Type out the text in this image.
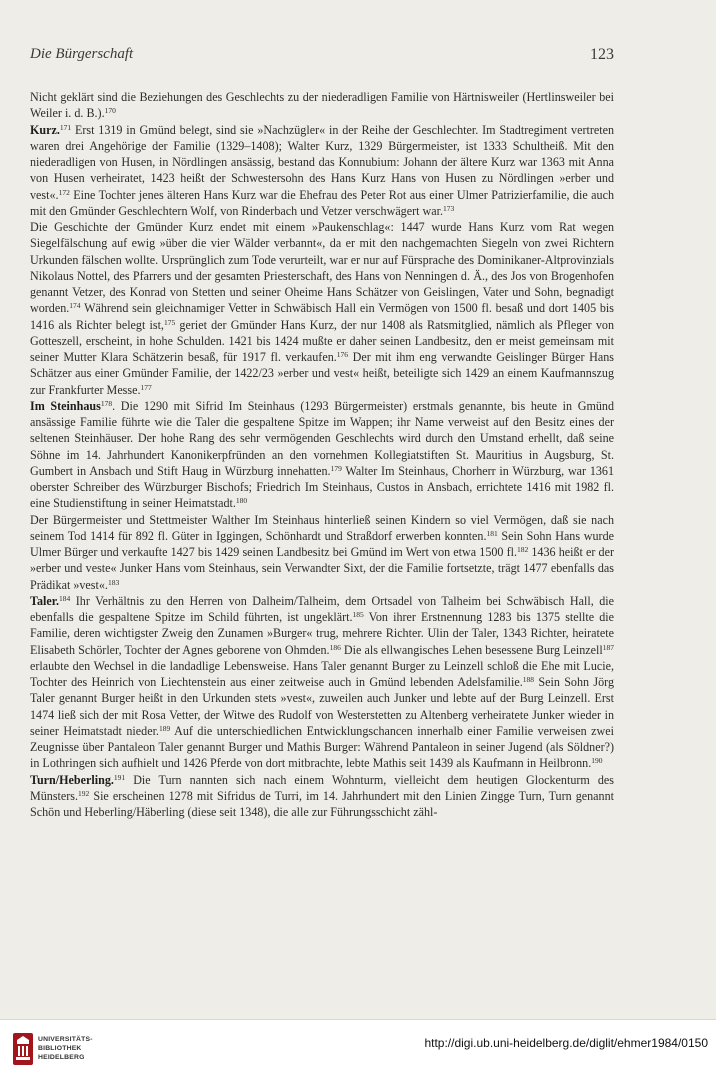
Die Bürgerschaft	123

Nicht geklärt sind die Beziehungen des Geschlechts zu der niederadligen Familie von Härtnisweiler (Hertlinsweiler bei Weiler i. d. B.).$^{170}$

Kurz.$^{171}$ Erst 1319 in Gmünd belegt, sind sie »Nachzügler« in der Reihe der Geschlechter. Im Stadtregiment vertreten waren drei Angehörige der Familie (1329–1408); Walter Kurz, 1329 Bürgermeister, ist 1333 Schultheiß. Mit den niederadligen von Husen, in Nördlingen ansässig, bestand das Konnubium: Johann der ältere Kurz war 1363 mit Anna von Husen verheiratet, 1423 heißt der Schwestersohn des Hans Kurz Hans von Husen zu Nördlingen »erber und vest«.$^{172}$ Eine Tochter jenes älteren Hans Kurz war die Ehefrau des Peter Rot aus einer Ulmer Patrizierfamilie, die auch mit den Gmünder Geschlechtern Wolf, von Rinderbach und Vetzer verschwägert war.$^{173}$

Die Geschichte der Gmünder Kurz endet mit einem »Paukenschlag«: 1447 wurde Hans Kurz vom Rat wegen Siegelfälschung auf ewig »über die vier Wälder verbannt«, da er mit den nachgemachten Siegeln von zwei Richtern Urkunden fälschen wollte. Ursprünglich zum Tode verurteilt, war er nur auf Fürsprache des Dominikaner-Altprovinzials Nikolaus Nottel, des Pfarrers und der gesamten Priesterschaft, des Hans von Nenningen d. Ä., des Jos von Brogenhofen genannt Vetzer, des Konrad von Stetten und seiner Oheime Hans Schätzer von Geislingen, Vater und Sohn, begnadigt worden.$^{174}$ Während sein gleichnamiger Vetter in Schwäbisch Hall ein Vermögen von 1500 fl. besaß und dort 1405 bis 1416 als Richter belegt ist,$^{175}$ geriet der Gmünder Hans Kurz, der nur 1408 als Ratsmitglied, nämlich als Pfleger von Gotteszell, erscheint, in hohe Schulden. 1421 bis 1424 mußte er daher seinen Landbesitz, den er meist gemeinsam mit seiner Mutter Klara Schätzerin besaß, für 1917 fl. verkaufen.$^{176}$ Der mit ihm eng verwandte Geislinger Bürger Hans Schätzer aus einer Gmünder Familie, der 1422/23 »erber und vest« heißt, beteiligte sich 1429 an einem Kaufmannszug zur Frankfurter Messe.$^{177}$

Im Steinhaus$^{178}$. Die 1290 mit Sifrid Im Steinhaus (1293 Bürgermeister) erstmals genannte, bis heute in Gmünd ansässige Familie führte wie die Taler die gespaltene Spitze im Wappen; ihr Name verweist auf den Besitz eines der seltenen Steinhäuser. Der hohe Rang des sehr vermögenden Geschlechts wird durch den Umstand erhellt, daß seine Söhne im 14. Jahrhundert Kanonikerpfründen an den vornehmen Kollegiatstiften St. Mauritius in Augsburg, St. Gumbert in Ansbach und Stift Haug in Würzburg innehatten.$^{179}$ Walter Im Steinhaus, Chorherr in Würzburg, war 1361 oberster Schreiber des Würzburger Bischofs; Friedrich Im Steinhaus, Custos in Ansbach, errichtete 1416 mit 1982 fl. eine Studienstiftung in seiner Heimatstadt.$^{180}$

Der Bürgermeister und Stettmeister Walther Im Steinhaus hinterließ seinen Kindern so viel Vermögen, daß sie nach seinem Tod 1414 für 892 fl. Güter in Iggingen, Schönhardt und Straßdorf erwerben konnten.$^{181}$ Sein Sohn Hans wurde Ulmer Bürger und verkaufte 1427 bis 1429 seinen Landbesitz bei Gmünd im Wert von etwa 1500 fl.$^{182}$ 1436 heißt er der »erber und veste« Junker Hans vom Steinhaus, sein Verwandter Sixt, der die Familie fortsetzte, trägt 1477 ebenfalls das Prädikat »vest«.$^{183}$

Taler.$^{184}$ Ihr Verhältnis zu den Herren von Dalheim/Talheim, dem Ortsadel von Talheim bei Schwäbisch Hall, die ebenfalls die gespaltene Spitze im Schild führten, ist ungeklärt.$^{185}$ Von ihrer Erstnennung 1283 bis 1375 stellte die Familie, deren wichtigster Zweig den Zunamen »Burger« trug, mehrere Richter. Ulin der Taler, 1343 Richter, heiratete Elisabeth Schörler, Tochter der Agnes geborene von Ohmden.$^{186}$ Die als ellwangisches Lehen besessene Burg Leinzell$^{187}$ erlaubte den Wechsel in die landadlige Lebensweise. Hans Taler genannt Burger zu Leinzell schloß die Ehe mit Lucie, Tochter des Heinrich von Liechtenstein aus einer zeitweise auch in Gmünd lebenden Adelsfamilie.$^{188}$ Sein Sohn Jörg Taler genannt Burger heißt in den Urkunden stets »vest«, zuweilen auch Junker und lebte auf der Burg Leinzell. Erst 1474 ließ sich der mit Rosa Vetter, der Witwe des Rudolf von Westerstetten zu Altenberg verheiratete Junker wieder in seiner Heimatstadt nieder.$^{189}$ Auf die unterschiedlichen Entwicklungschancen innerhalb einer Familie verweisen zwei Zeugnisse über Pantaleon Taler genannt Burger und Mathis Burger: Während Pantaleon in seiner Jugend (als Söldner?) in Lothringen sich aufhielt und 1426 Pferde von dort mitbrachte, lebte Mathis seit 1439 als Kaufmann in Heilbronn.$^{190}$

Turn/Heberling.$^{191}$ Die Turn nannten sich nach einem Wohnturm, vielleicht dem heutigen Glockenturm des Münsters.$^{192}$ Sie erscheinen 1278 mit Sifridus de Turri, im 14. Jahrhundert mit den Linien Zingge Turn, Turn genannt Schön und Heberling/Häberling (diese seit 1348), die alle zur Führungsschicht zähl-

UNIVERSITÄTS-
BIBLIOTHEK
HEIDELBERG
http://digi.ub.uni-heidelberg.de/diglit/ehmer1984/0150
